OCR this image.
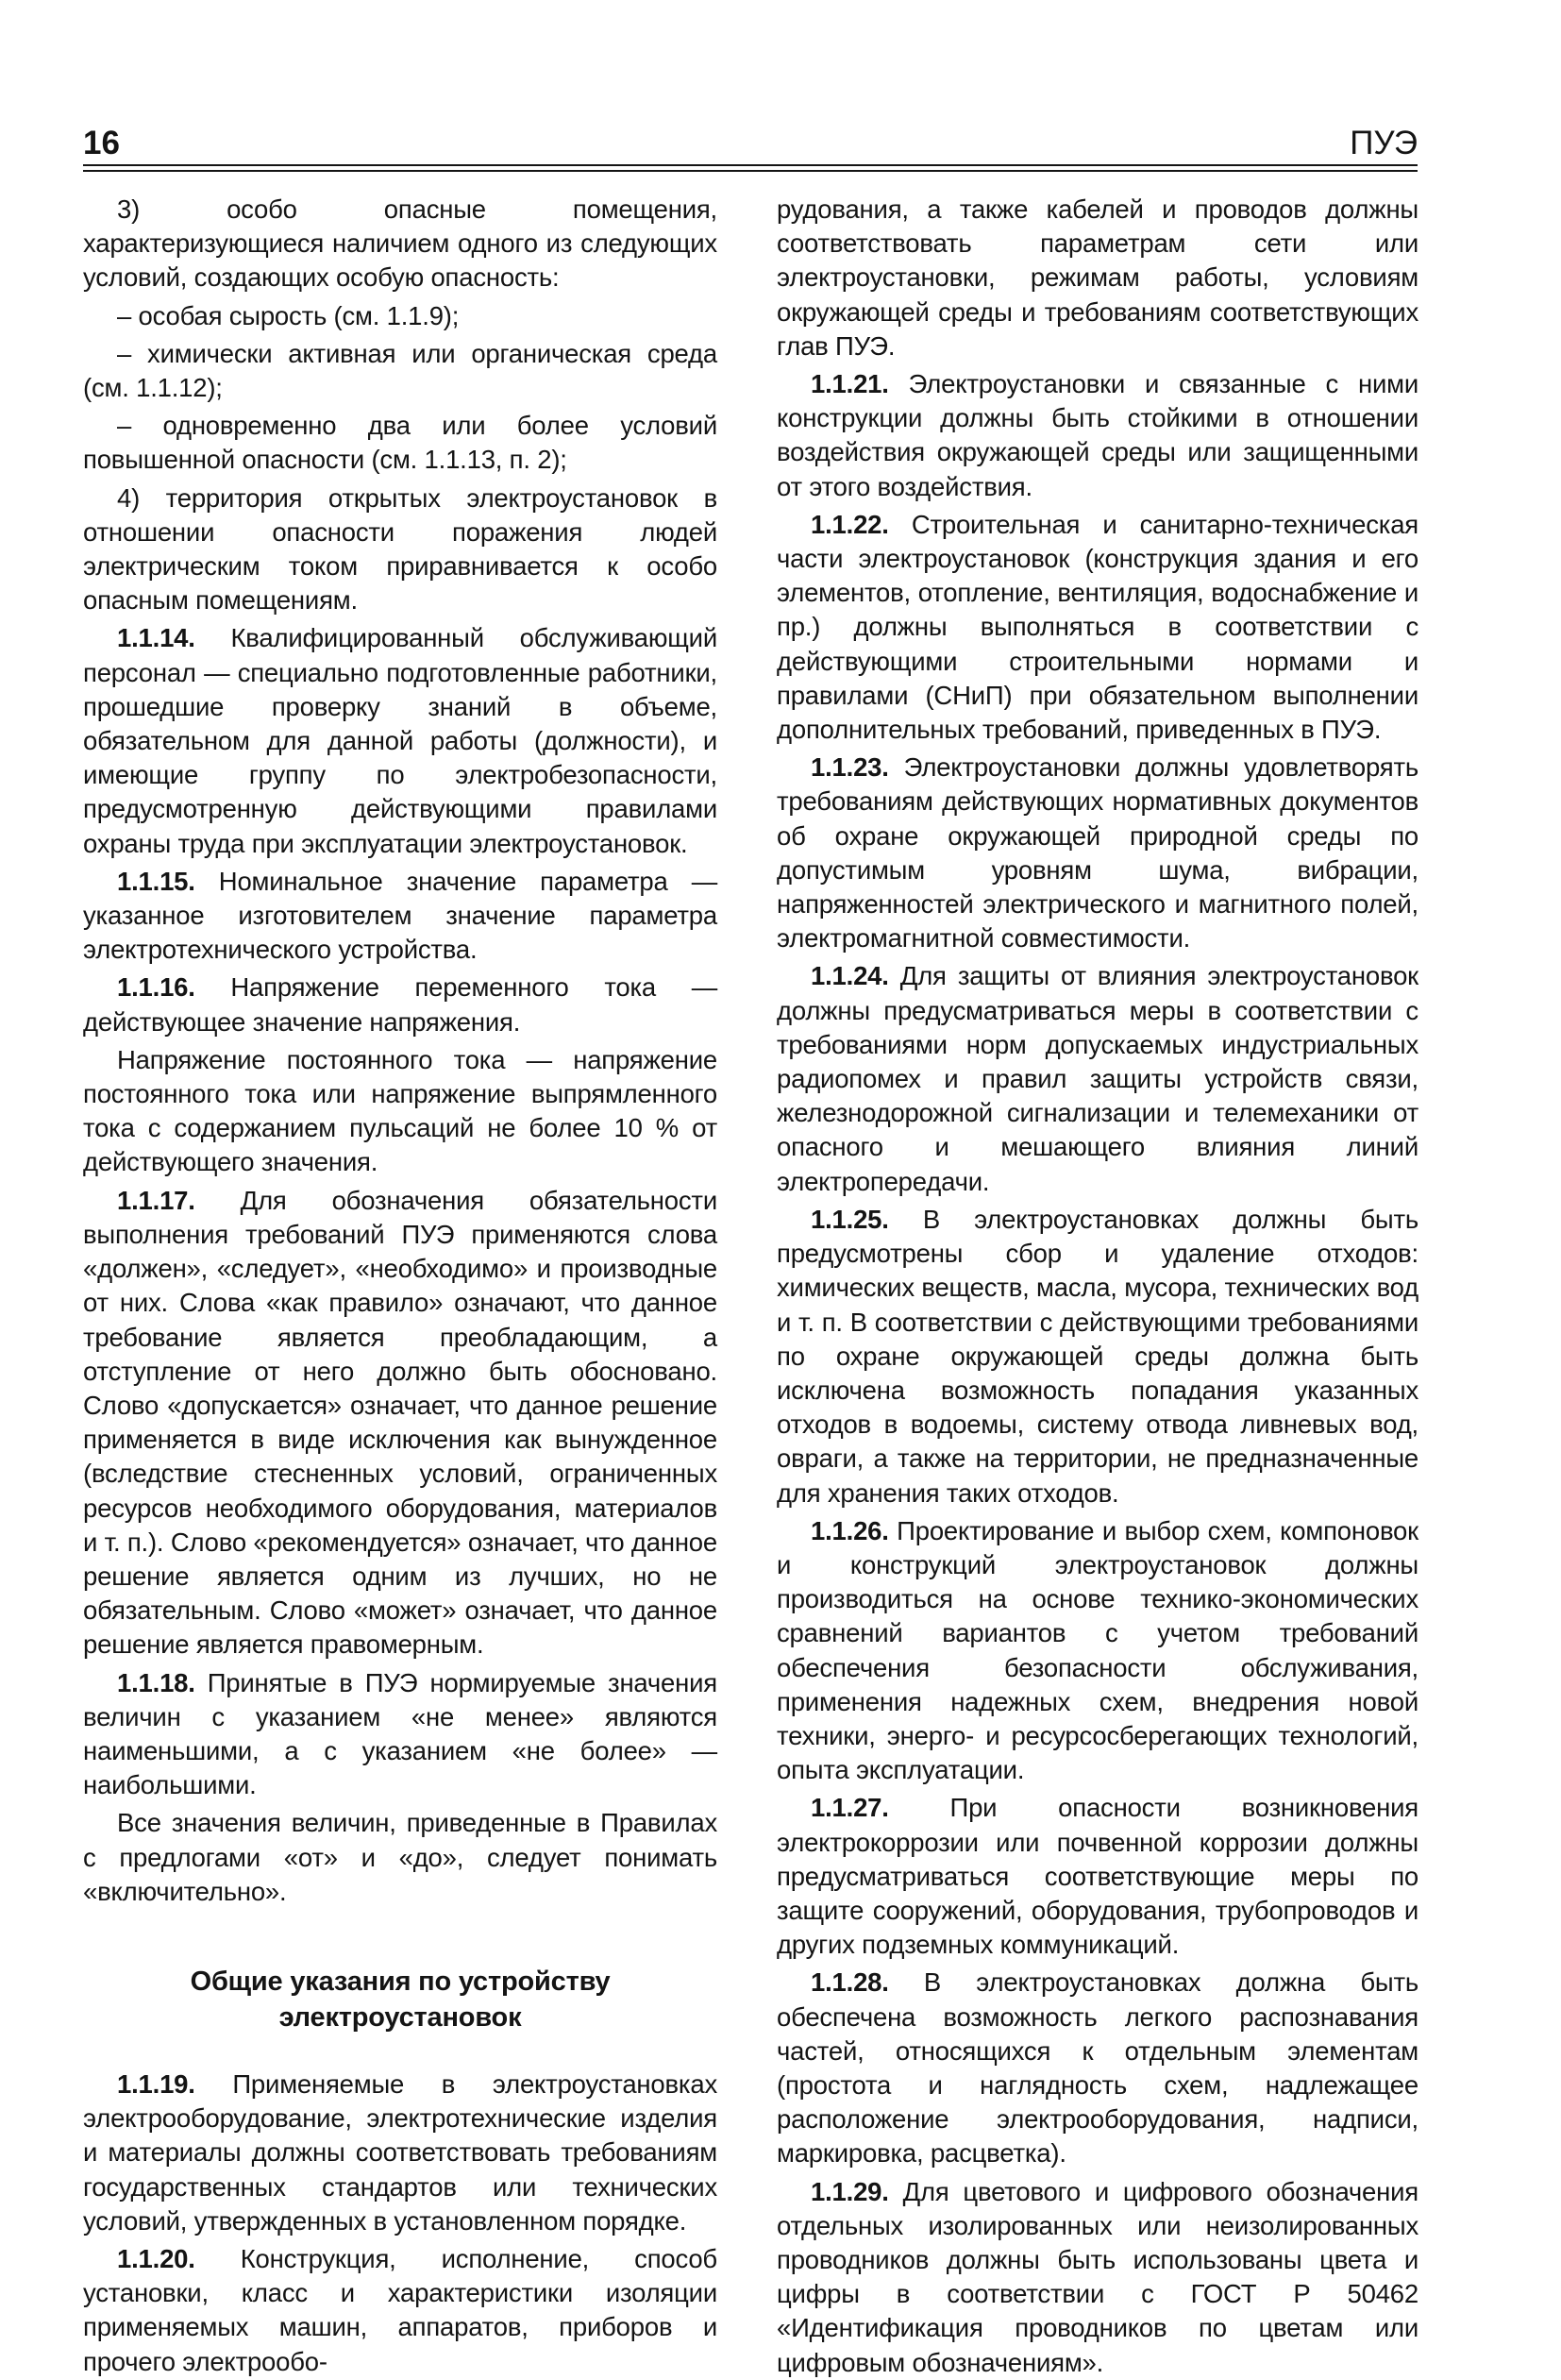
16	ПУЭ

3) особо опасные помещения, характеризующиеся наличием одного из следующих условий, создающих особую опасность:

– особая сырость (см. 1.1.9);

– химически активная или органическая среда (см. 1.1.12);

– одновременно два или более условий повышенной опасности (см. 1.1.13, п. 2);

4) территория открытых электроустановок в отношении опасности поражения людей электрическим током приравнивается к особо опасным помещениям.

1.1.14. Квалифицированный обслуживающий персонал — специально подготовленные работники, прошедшие проверку знаний в объеме, обязательном для данной работы (должности), и имеющие группу по электробезопасности, предусмотренную действующими правилами охраны труда при эксплуатации электроустановок.

1.1.15. Номинальное значение параметра — указанное изготовителем значение параметра электротехнического устройства.

1.1.16. Напряжение переменного тока — действующее значение напряжения.

Напряжение постоянного тока — напряжение постоянного тока или напряжение выпрямленного тока с содержанием пульсаций не более 10 % от действующего значения.

1.1.17. Для обозначения обязательности выполнения требований ПУЭ применяются слова «должен», «следует», «необходимо» и производные от них. Слова «как правило» означают, что данное требование является преобладающим, а отступление от него должно быть обосновано. Слово «допускается» означает, что данное решение применяется в виде исключения как вынужденное (вследствие стесненных условий, ограниченных ресурсов необходимого оборудования, материалов и т. п.). Слово «рекомендуется» означает, что данное решение является одним из лучших, но не обязательным. Слово «может» означает, что данное решение является правомерным.

1.1.18. Принятые в ПУЭ нормируемые значения величин с указанием «не менее» являются наименьшими, а с указанием «не более» — наибольшими.

Все значения величин, приведенные в Правилах с предлогами «от» и «до», следует понимать «включительно».

Общие указания по устройству
электроустановок

1.1.19. Применяемые в электроустановках электрооборудование, электротехнические изделия и материалы должны соответствовать требованиям государственных стандартов или технических условий, утвержденных в установленном порядке.

1.1.20. Конструкция, исполнение, способ установки, класс и характеристики изоляции применяемых машин, аппаратов, приборов и прочего электрообо-

рудования, а также кабелей и проводов должны соответствовать параметрам сети или электроустановки, режимам работы, условиям окружающей среды и требованиям соответствующих глав ПУЭ.

1.1.21. Электроустановки и связанные с ними конструкции должны быть стойкими в отношении воздействия окружающей среды или защищенными от этого воздействия.

1.1.22. Строительная и санитарно-техническая части электроустановок (конструкция здания и его элементов, отопление, вентиляция, водоснабжение и пр.) должны выполняться в соответствии с действующими строительными нормами и правилами (СНиП) при обязательном выполнении дополнительных требований, приведенных в ПУЭ.

1.1.23. Электроустановки должны удовлетворять требованиям действующих нормативных документов об охране окружающей природной среды по допустимым уровням шума, вибрации, напряженностей электрического и магнитного полей, электромагнитной совместимости.

1.1.24. Для защиты от влияния электроустановок должны предусматриваться меры в соответствии с требованиями норм допускаемых индустриальных радиопомех и правил защиты устройств связи, железнодорожной сигнализации и телемеханики от опасного и мешающего влияния линий электропередачи.

1.1.25. В электроустановках должны быть предусмотрены сбор и удаление отходов: химических веществ, масла, мусора, технических вод и т. п. В соответствии с действующими требованиями по охране окружающей среды должна быть исключена возможность попадания указанных отходов в водоемы, систему отвода ливневых вод, овраги, а также на территории, не предназначенные для хранения таких отходов.

1.1.26. Проектирование и выбор схем, компоновок и конструкций электроустановок должны производиться на основе технико-экономических сравнений вариантов с учетом требований обеспечения безопасности обслуживания, применения надежных схем, внедрения новой техники, энерго- и ресурсосберегающих технологий, опыта эксплуатации.

1.1.27. При опасности возникновения электрокоррозии или почвенной коррозии должны предусматриваться соответствующие меры по защите сооружений, оборудования, трубопроводов и других подземных коммуникаций.

1.1.28. В электроустановках должна быть обеспечена возможность легкого распознавания частей, относящихся к отдельным элементам (простота и наглядность схем, надлежащее расположение электрооборудования, надписи, маркировка, расцветка).

1.1.29. Для цветового и цифрового обозначения отдельных изолированных или неизолированных проводников должны быть использованы цвета и цифры в соответствии с ГОСТ Р 50462 «Идентификация проводников по цветам или цифровым обозначениям».
